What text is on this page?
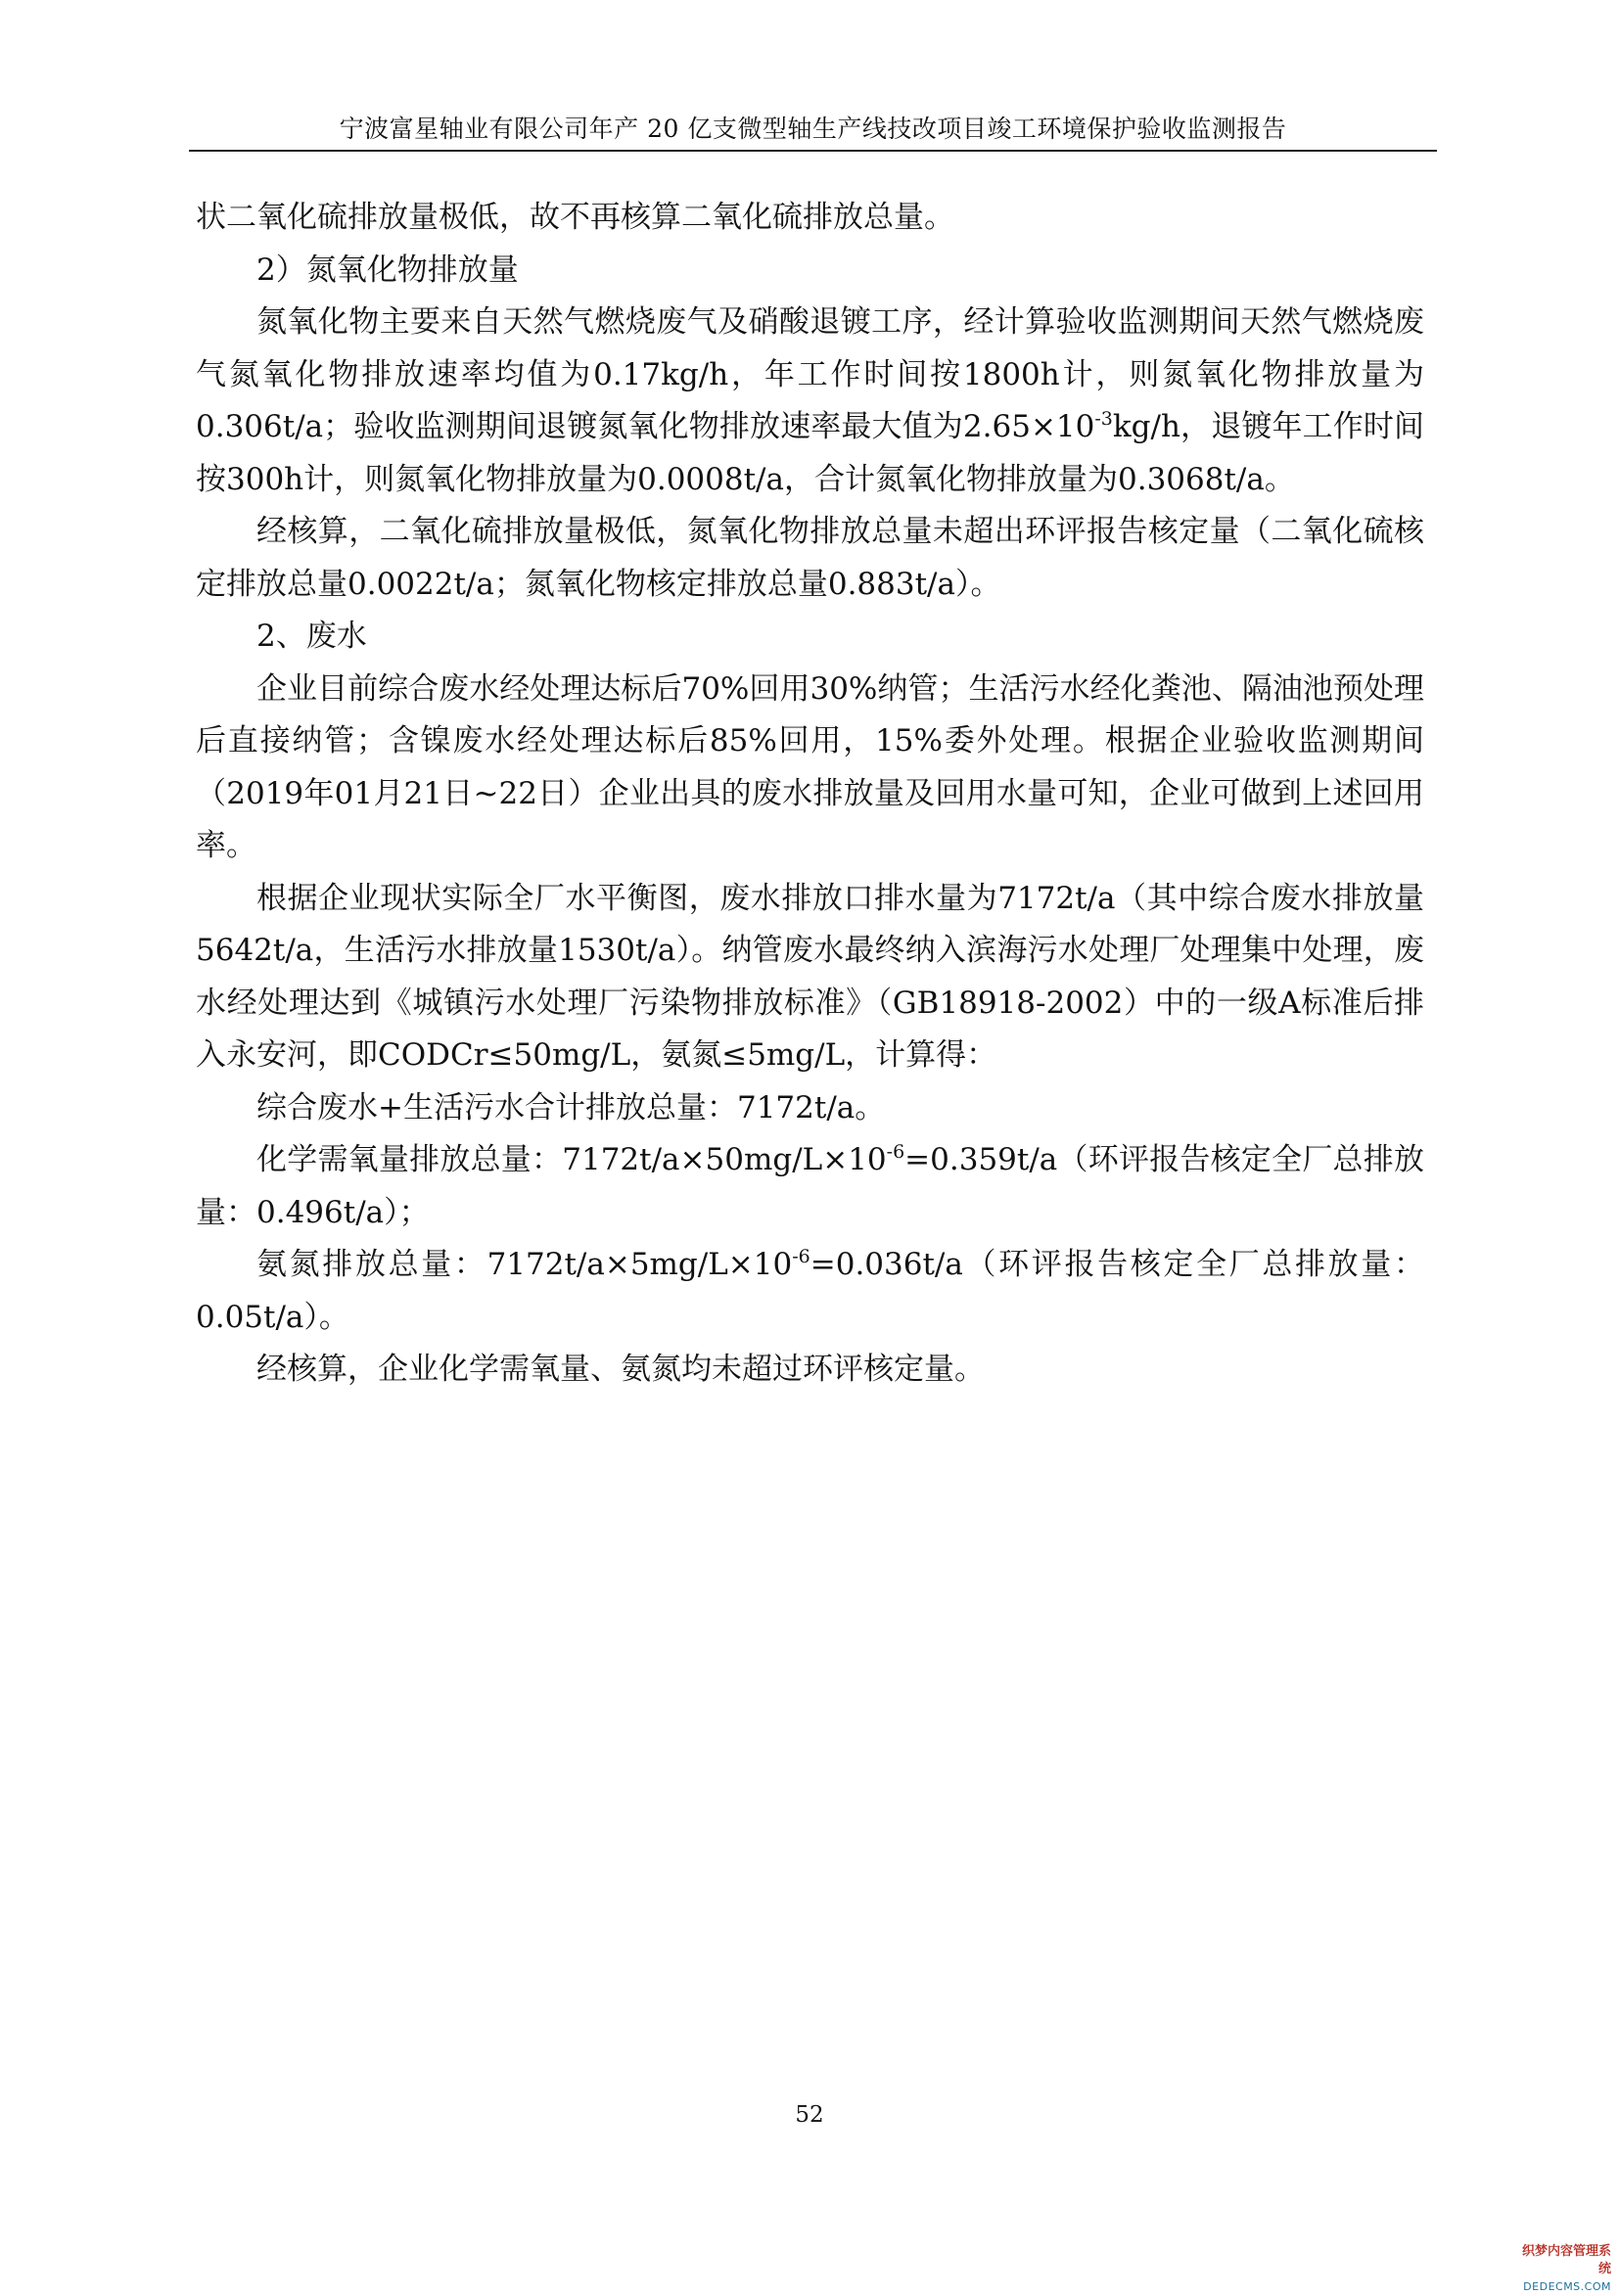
宁波富星轴业有限公司年产 20 亿支微型轴生产线技改项目竣工环境保护验收监测报告

状二氧化硫排放量极低，故不再核算二氧化硫排放总量。

2）氮氧化物排放量

氮氧化物主要来自天然气燃烧废气及硝酸退镀工序，经计算验收监测期间天然气燃烧废气氮氧化物排放速率均值为0.17kg/h，年工作时间按1800h计，则氮氧化物排放量为0.306t/a；验收监测期间退镀氮氧化物排放速率最大值为$2.65\times 10^{-3}kg/h$，退镀年工作时间按300h计，则氮氧化物排放量为0.0008t/a，合计氮氧化物排放量为0.3068t/a。

经核算，二氧化硫排放量极低，氮氧化物排放总量未超出环评报告核定量（二氧化硫核定排放总量0.0022t/a；氮氧化物核定排放总量0.883t/a）。

2、废水

企业目前综合废水经处理达标后70%回用30%纳管；生活污水经化粪池、隔油池预处理后直接纳管；含镍废水经处理达标后85%回用，15%委外处理。根据企业验收监测期间（2019年01月21日~22日）企业出具的废水排放量及回用水量可知，企业可做到上述回用率。

根据企业现状实际全厂水平衡图，废水排放口排水量为7172t/a（其中综合废水排放量5642t/a，生活污水排放量1530t/a）。纳管废水最终纳入滨海污水处理厂处理集中处理，废水经处理达到《城镇污水处理厂污染物排放标准》（GB18918-2002）中的一级A标准后排入永安河，即CODCr≤50mg/L，氨氮≤5mg/L，计算得：

综合废水+生活污水合计排放总量：7172t/a。

化学需氧量排放总量：$7172t/a\times 50mg/L\times 10^{-6}=0.359t/a$（环评报告核定全厂总排放量：0.496t/a）；

氨氮排放总量：$7172t/a\times 5mg/L\times 10^{-6}=0.036t/a$（环评报告核定全厂总排放量：0.05t/a）。

经核算，企业化学需氧量、氨氮均未超过环评核定量。

52
织梦内容管理系统
DEDECMS.COM
